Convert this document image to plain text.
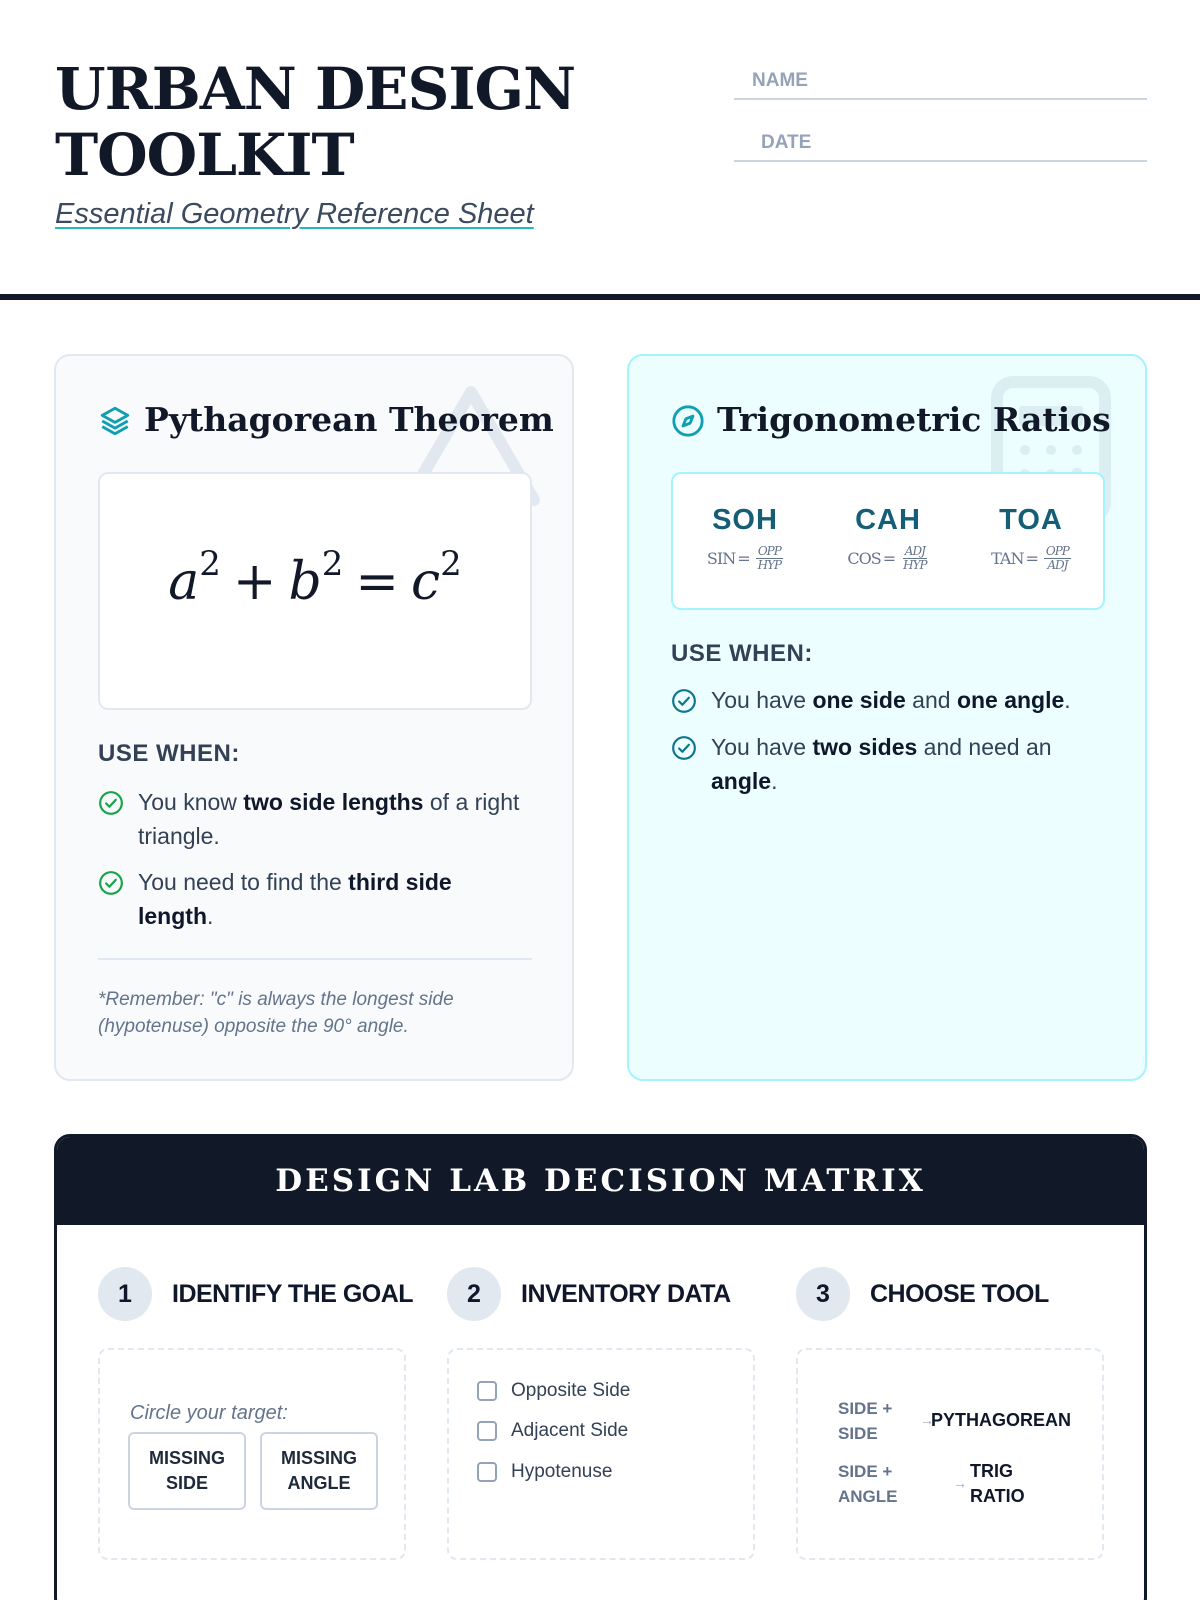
URBAN DESIGN
TOOLKIT
Essential Geometry Reference Sheet
NAME
DATE
Pythagorean Theorem
$a^2 + b^2 = c^2$
USE WHEN:
You know two side lengths of a right triangle.
You need to find the third side length.
*Remember: "c" is always the longest side (hypotenuse) opposite the 90° angle.
Trigonometric Ratios
SOH
SIN = $\frac{\text{OPP}}{\text{HYP}}$
CAH
COS = $\frac{\text{ADJ}}{\text{HYP}}$
TOA
TAN = $\frac{\text{OPP}}{\text{ADJ}}$
USE WHEN:
You have one side and one angle.
You have two sides and need an angle.
DESIGN LAB DECISION MATRIX
1	IDENTIFY THE GOAL
Circle your target:
MISSING
SIDE
MISSING
ANGLE
2	INVENTORY DATA
Opposite Side
Adjacent Side
Hypotenuse
3	CHOOSE TOOL
SIDE +
SIDE
→
PYTHAGOREAN
SIDE +
ANGLE
→
TRIG
RATIO
